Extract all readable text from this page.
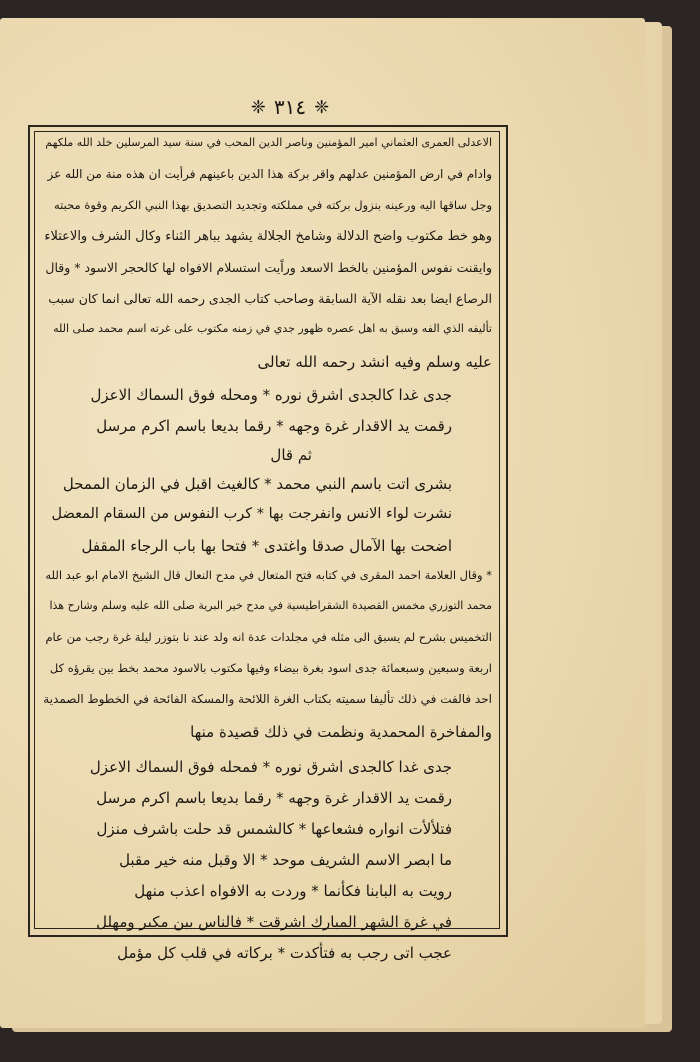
❈ ٣١٤ ❈
الاعدلى العمرى العثماني امير المؤمنين وناصر الدين المحب في سنة سيد المرسلين خلد الله ملكهم
وادام في ارض المؤمنين عدلهم واقر بركة هذا الدين باعينهم فرأيت ان هذه منة من الله عز
وجل ساقها اليه ورعينه بنزول بركته في مملكته وتجديد التصديق بهذا النبي الكريم وقوة محبته
وهو خط مكتوب واضح الدلالة وشامخ الجلالة يشهد بباهر الثناء وكال الشرف والاعتلاء
وايقنت نفوس المؤمنين بالخط الاسعد وراًيت استسلام الافواه لها كالحجر الاسود * وقال
الرصاع ايضا بعد نقله الآية السابقة وصاحب كتاب الجدى رحمه الله تعالى انما كان سبب
تأليفه الذي الفه وسبق به اهل عصره ظهور جدي في زمنه مكتوب على غرته اسم محمد صلى الله
عليه وسلم وفيه انشد رحمه الله تعالى
جدى غدا كالجدى اشرق نوره * ومحله فوق السماك الاعزل
رقمت يد الاقدار غرة وجهه * رقما بديعا باسم اكرم مرسل
ثم قال
بشرى اتت باسم النبي محمد * كالغيث اقبل في الزمان الممحل
نشرت لواء الانس وانفرجت بها * كرب النفوس من السقام المعضل
اضحت بها الآمال صدقا واغتدى * فتحا بها باب الرجاء المقفل
* وقال العلامة احمد المقرى في كتابه فتح المتعال في مدح النعال قال الشيخ الامام ابو عبد الله
محمد التوزري مخمس القصيدة الشقراطيسية في مدح خير البرية صلى الله عليه وسلم وشارح هذا
التخميس بشرح لم يسبق الى مثله في مجلدات عدة انه ولد عند نا بتوزر ليلة غرة رجب من عام
اربعة وسبعين وسبعمائة جدى اسود بغرة بيضاء وفيها مكتوب بالاسود محمد بخط بين يقرؤه كل
احد فالفت في ذلك تأليفا سميته بكتاب الغرة اللائحة والمسكة الفائحة في الخطوط الصمدية
والمفاخرة المحمدية ونظمت في ذلك قصيدة منها
جدى غدا كالجدى اشرق نوره * فمحله فوق السماك الاعزل
رقمت يد الاقدار غرة وجهه * رقما بديعا باسم اكرم مرسل
فتلألأت انواره فشعاعها * كالشمس قد حلت باشرف منزل
ما ابصر الاسم الشريف موحد * الا وقبل منه خير مقبل
رويت به البابنا فكأنما * وردت به الافواه اعذب منهل
في غرة الشهر المبارك اشرقت * فالناس بين مكبر ومهلل
عجب اتى رجب به فتأكدت * بركاته في قلب كل مؤمل
